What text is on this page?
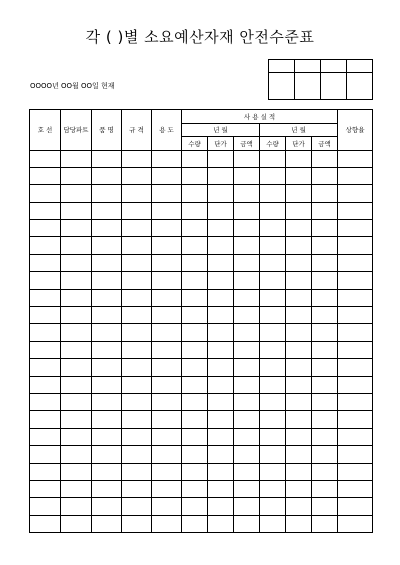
각 ( )별 소요예산자재 안전수준표

OOOO년 OO월 OO일 현재
호 선	담당파트	품 명	규 격	용 도	사 용 실 적						상향율
					년 월			년 월			
					수량	단가	금액	수량	단가	금액	
